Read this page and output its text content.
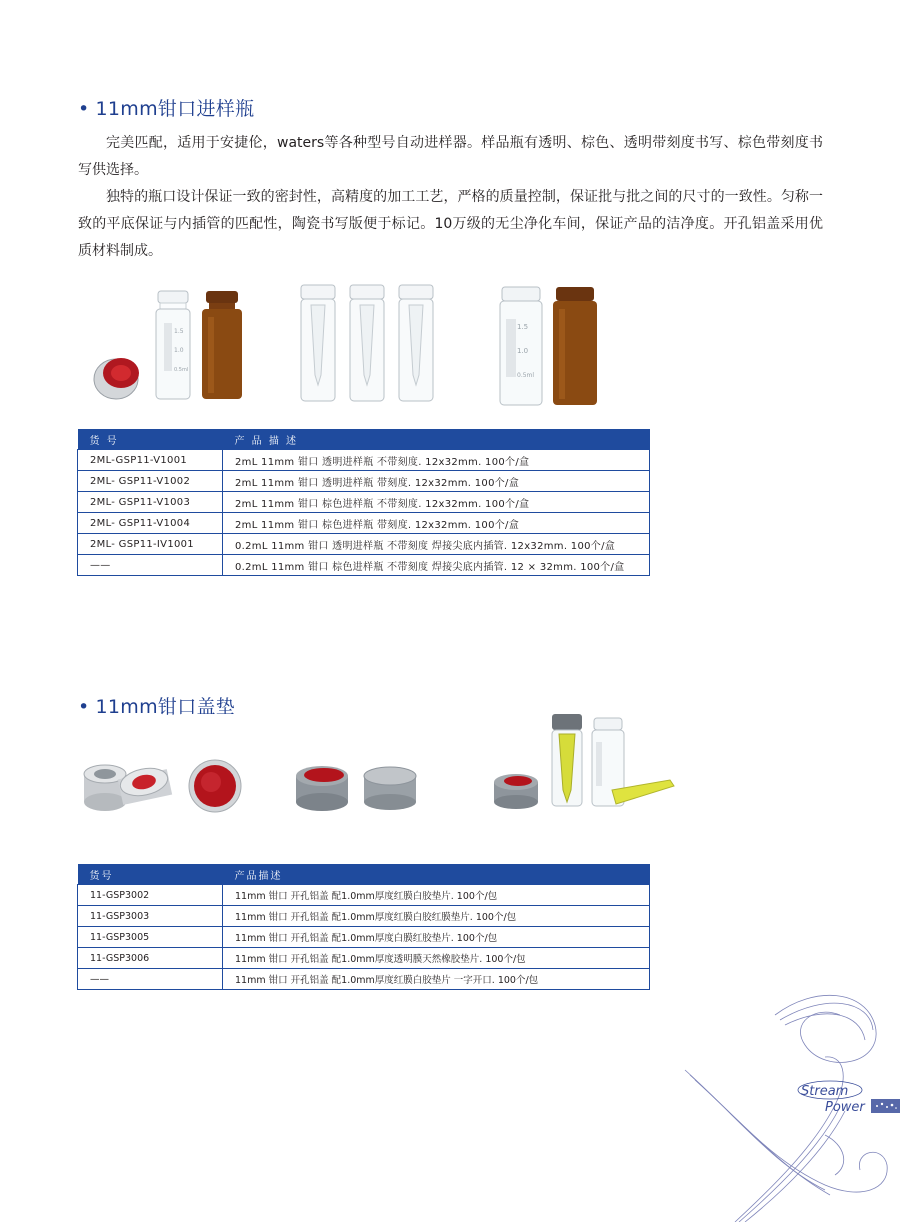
• 11mm钳口进样瓶

完美匹配，适用于安捷伦，waters等各种型号自动进样器。样品瓶有透明、棕色、透明带刻度书写、棕色带刻度书写供选择。

独特的瓶口设计保证一致的密封性，高精度的加工工艺，严格的质量控制，保证批与批之间的尺寸的一致性。匀称一致的平底保证与内插管的匹配性，陶瓷书写版便于标记。10万级的无尘净化车间，保证产品的洁净度。开孔铝盖采用优质材料制成。

1.5
1.0
0.5ml
1.5
1.0
0.5ml
货 号	产 品 描 述
2ML-GSP11-V1001	2mL 11mm 钳口 透明进样瓶 不带刻度. 12x32mm. 100个/盒
2ML- GSP11-V1002	2mL 11mm 钳口 透明进样瓶 带刻度. 12x32mm. 100个/盒
2ML- GSP11-V1003	2mL 11mm 钳口 棕色进样瓶 不带刻度. 12x32mm. 100个/盒
2ML- GSP11-V1004	2mL 11mm 钳口 棕色进样瓶 带刻度. 12x32mm. 100个/盒
2ML- GSP11-IV1001	0.2mL 11mm 钳口 透明进样瓶 不带刻度 焊接尖底内插管. 12x32mm. 100个/盒
——	0.2mL 11mm 钳口 棕色进样瓶 不带刻度 焊接尖底内插管. 12 × 32mm. 100个/盒
• 11mm钳口盖垫
货号	产品描述
11-GSP3002	11mm 钳口 开孔铝盖 配1.0mm厚度红膜白胶垫片. 100个/包
11-GSP3003	11mm 钳口 开孔铝盖 配1.0mm厚度红膜白胶红膜垫片. 100个/包
11-GSP3005	11mm 钳口 开孔铝盖 配1.0mm厚度白膜红胶垫片. 100个/包
11-GSP3006	11mm 钳口 开孔铝盖 配1.0mm厚度透明膜天然橡胶垫片. 100个/包
——	11mm 钳口 开孔铝盖 配1.0mm厚度红膜白胶垫片 一字开口. 100个/包
Stream
Power
